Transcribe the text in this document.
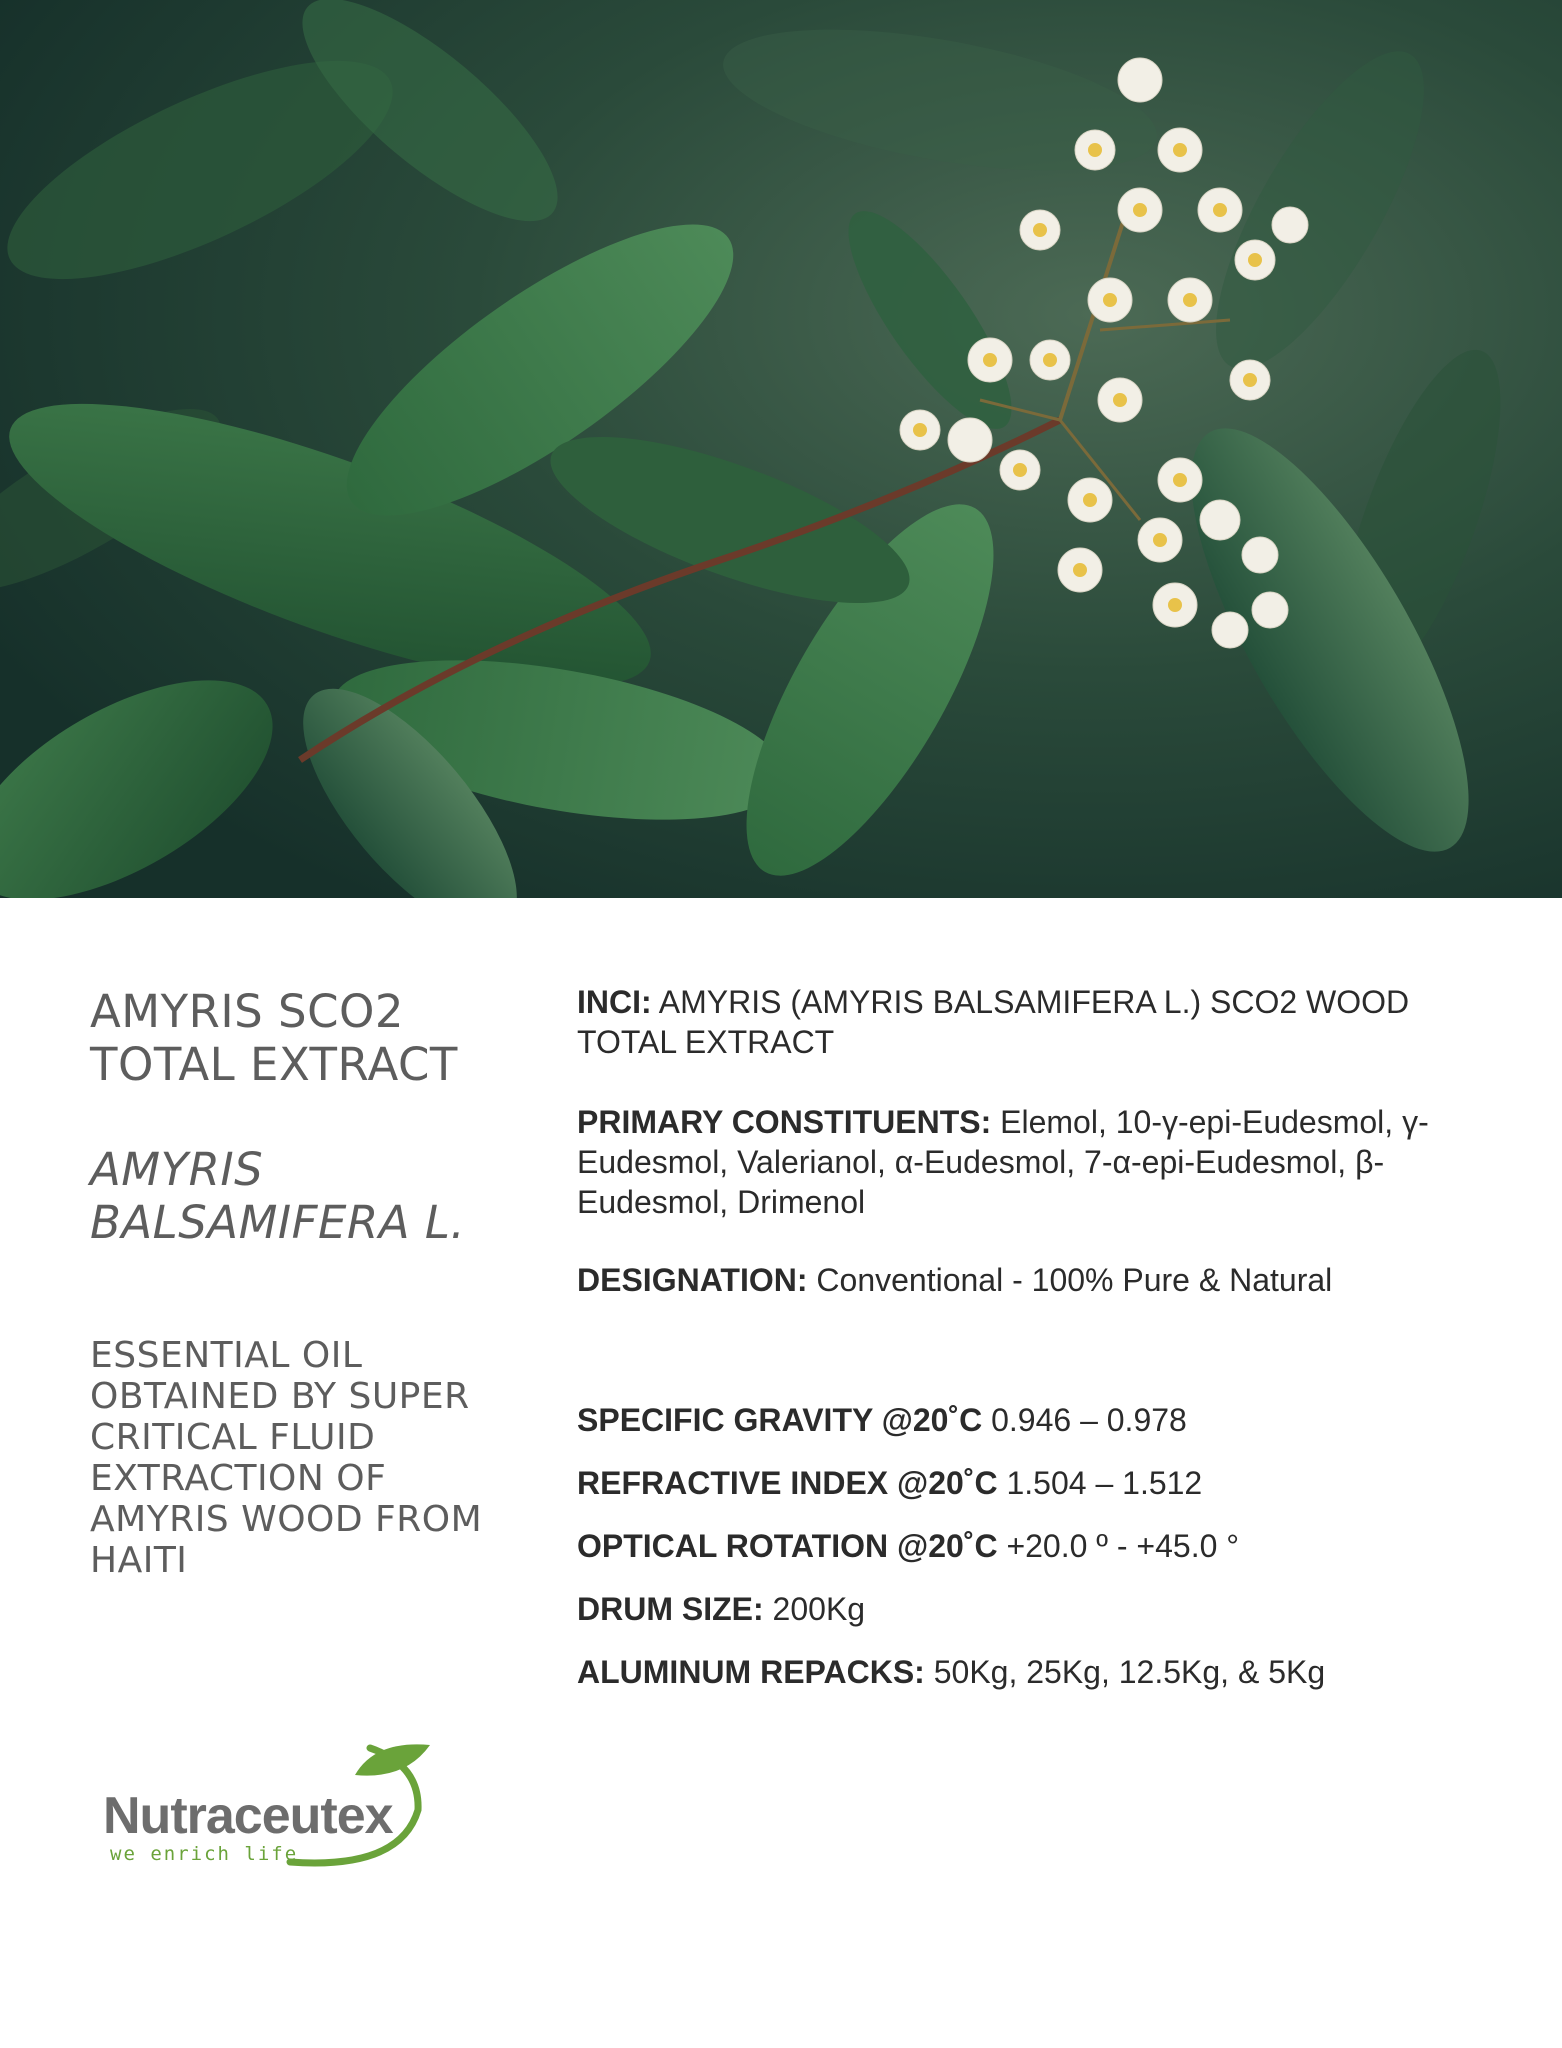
AMYRIS SCO2
TOTAL EXTRACT
AMYRIS
BALSAMIFERA L.
ESSENTIAL OIL OBTAINED BY SUPER CRITICAL FLUID EXTRACTION OF AMYRIS WOOD FROM HAITI

INCI: AMYRIS (AMYRIS BALSAMIFERA L.) SCO2 WOOD TOTAL EXTRACT

PRIMARY CONSTITUENTS: Elemol, 10-γ-epi-Eudesmol, γ-Eudesmol, Valerianol, α-Eudesmol, 7-α-epi-Eudesmol, β-Eudesmol, Drimenol

DESIGNATION: Conventional - 100% Pure & Natural

SPECIFIC GRAVITY @20˚C 0.946 – 0.978

REFRACTIVE INDEX @20˚C 1.504 – 1.512

OPTICAL ROTATION @20˚C +20.0 º - +45.0 °

DRUM SIZE: 200Kg

ALUMINUM REPACKS: 50Kg, 25Kg, 12.5Kg, & 5Kg

Nutraceutex
we enrich life
